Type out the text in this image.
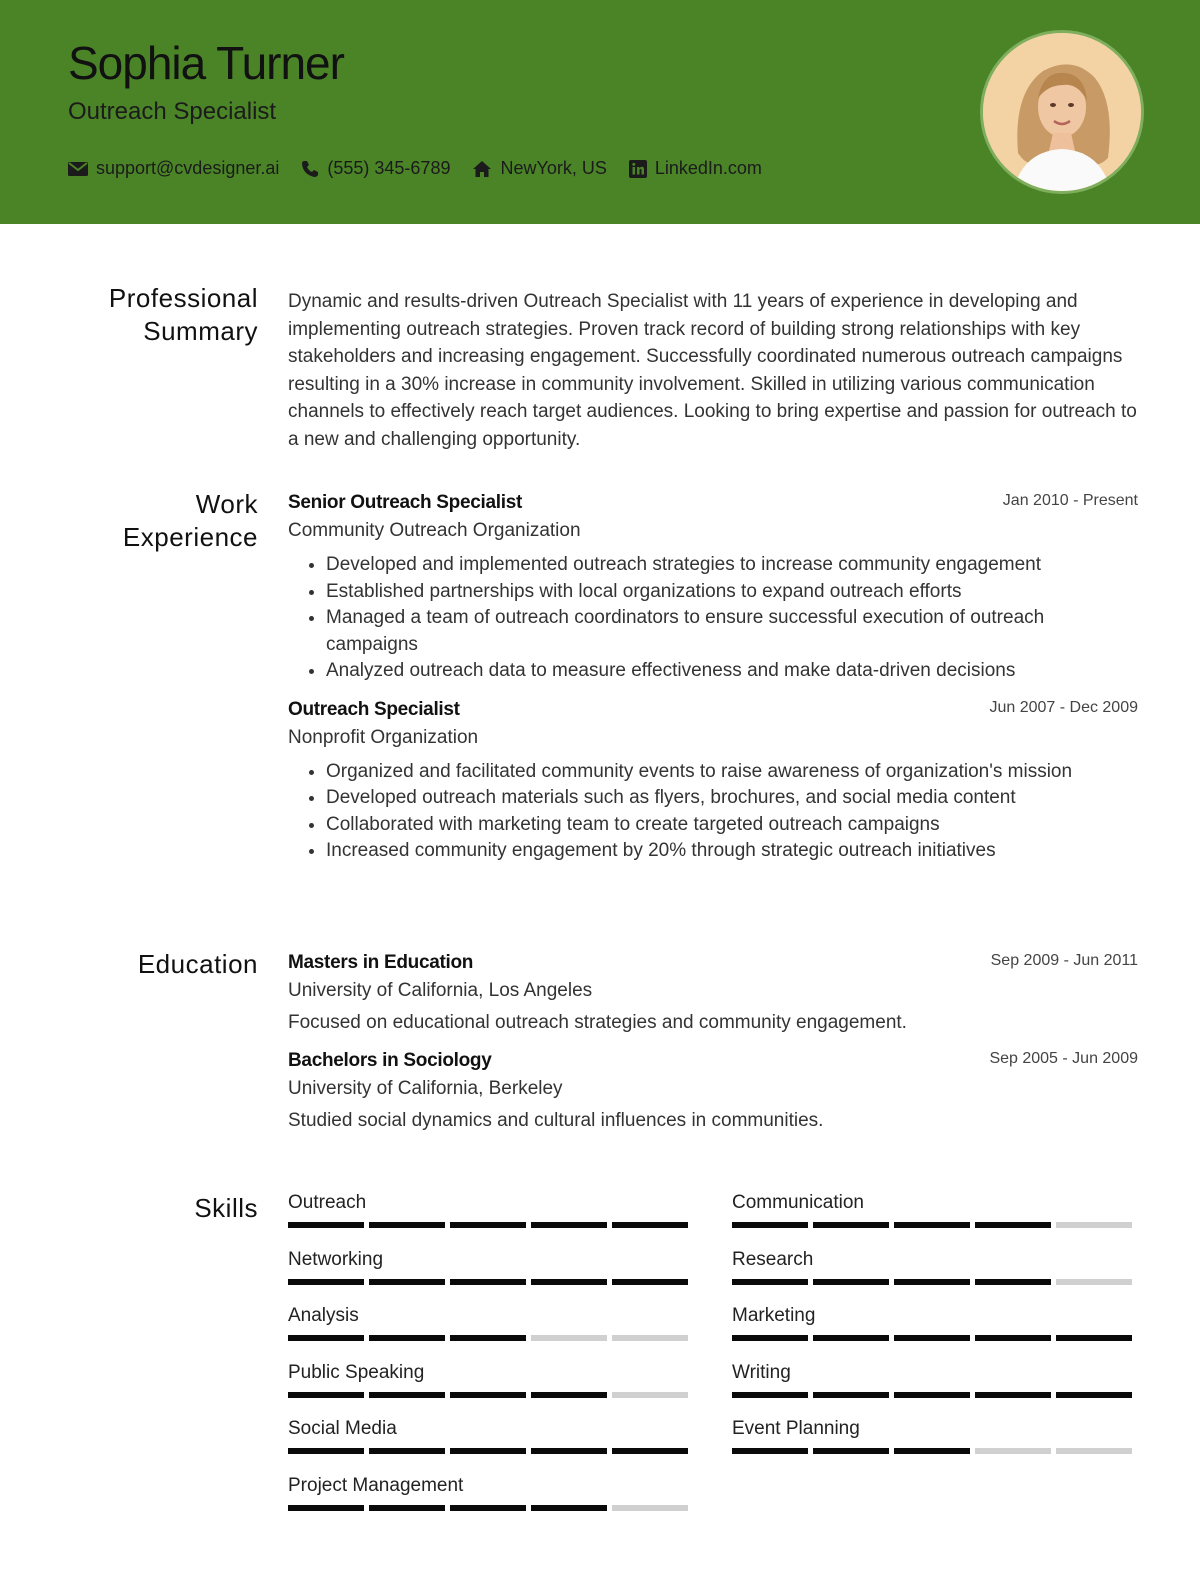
Sophia Turner
Outreach Specialist
support@cvdesigner.ai	(555) 345-6789	NewYork, US	LinkedIn.com
Professional
Summary

Dynamic and results-driven Outreach Specialist with 11 years of experience in developing and implementing outreach strategies. Proven track record of building strong relationships with key stakeholders and increasing engagement. Successfully coordinated numerous outreach campaigns resulting in a 30% increase in community involvement. Skilled in utilizing various communication channels to effectively reach target audiences. Looking to bring expertise and passion for outreach to a new and challenging opportunity.

Work
Experience
Senior Outreach Specialist	Jan 2010 - Present
Community Outreach Organization
• Developed and implemented outreach strategies to increase community engagement
• Established partnerships with local organizations to expand outreach efforts
• Managed a team of outreach coordinators to ensure successful execution of outreach campaigns
• Analyzed outreach data to measure effectiveness and make data-driven decisions
Outreach Specialist	Jun 2007 - Dec 2009
Nonprofit Organization
• Organized and facilitated community events to raise awareness of organization's mission
• Developed outreach materials such as flyers, brochures, and social media content
• Collaborated with marketing team to create targeted outreach campaigns
• Increased community engagement by 20% through strategic outreach initiatives
Education Masters in Education	Sep 2009 - Jun 2011
University of California, Los Angeles
Focused on educational outreach strategies and community engagement.
Bachelors in Sociology	Sep 2005 - Jun 2009
University of California, Berkeley
Studied social dynamics and cultural influences in communities.
Skills Outreach	Communication
Networking	Research
Analysis	Marketing
Public Speaking	Writing
Social Media	Event Planning
Project Management
